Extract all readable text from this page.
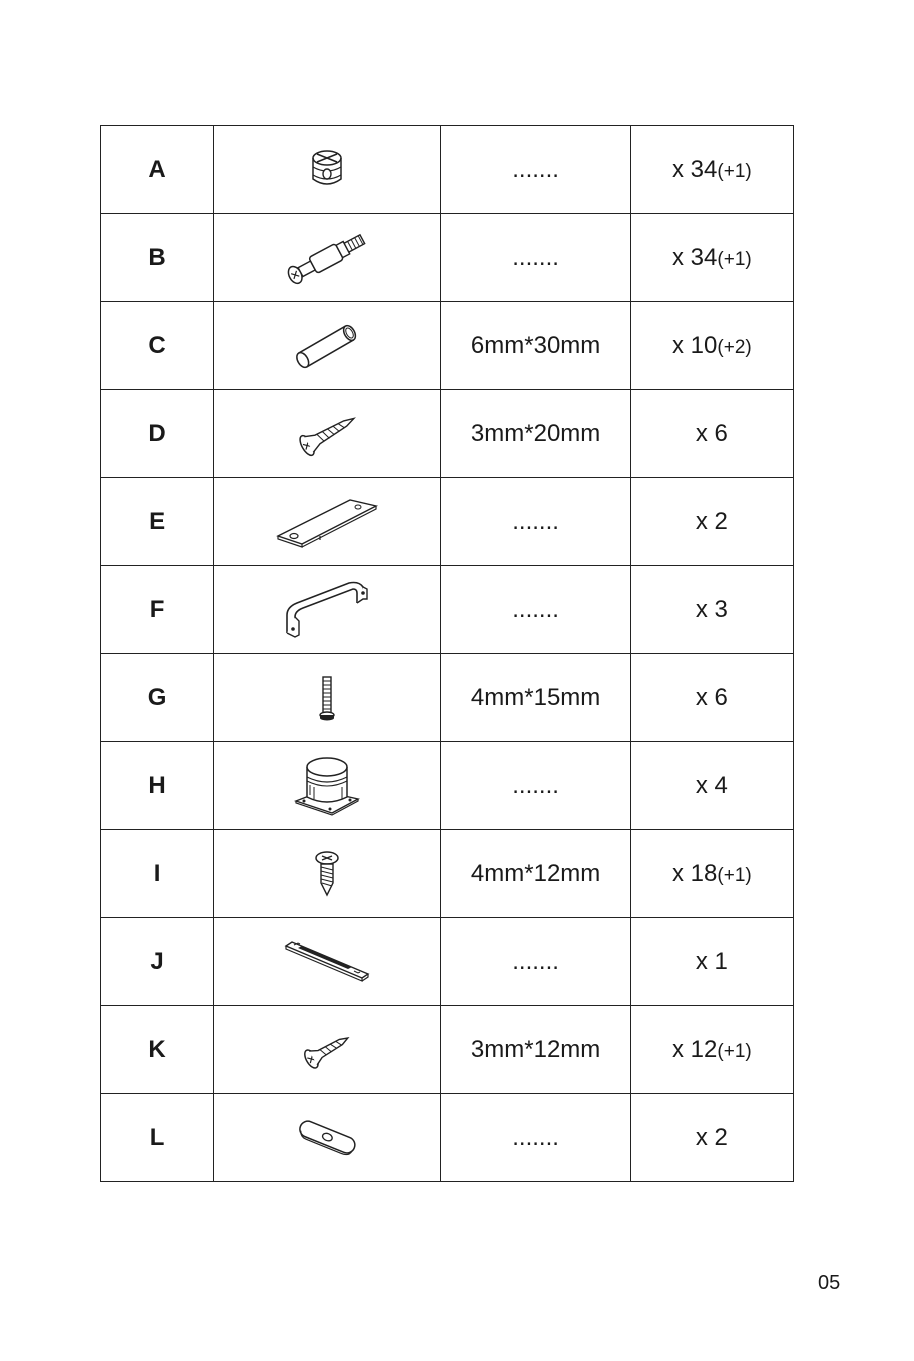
A		.......	x 34(+1)
B		.......	x 34(+1)
C		6mm*30mm	x 10(+2)
D		3mm*20mm	x 6
E		.......	x 2
F		.......	x 3
G		4mm*15mm	x 6
H		.......	x 4
I		4mm*12mm	x 18(+1)
J		.......	x 1
K		3mm*12mm	x 12(+1)
L		.......	x 2
05
